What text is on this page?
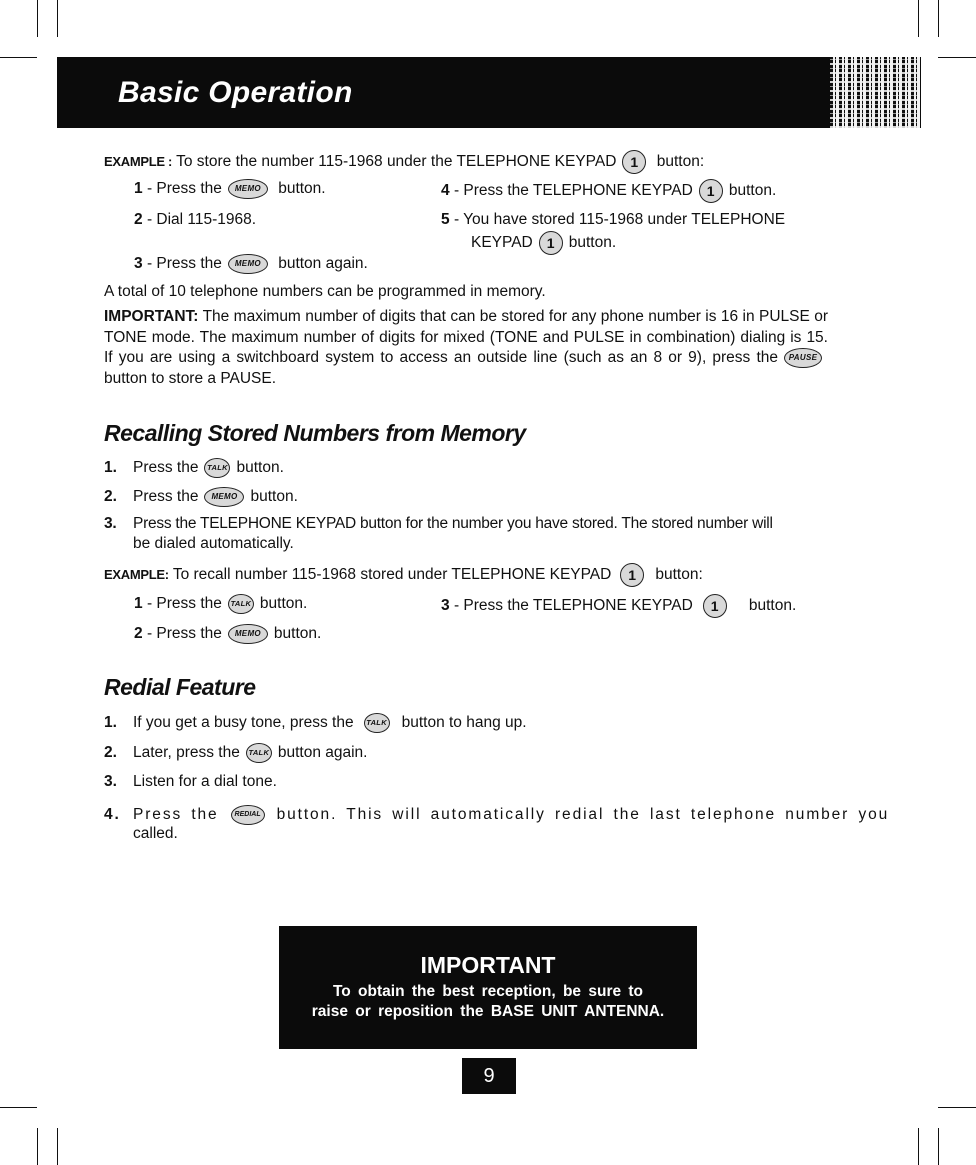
Basic Operation
EXAMPLE : To store the number 115-1968 under the TELEPHONE KEYPAD 1 button:
1 - Press the MEMO button.
2 - Dial 115-1968.
3 - Press the MEMO button again.
4 - Press the TELEPHONE KEYPAD 1 button.
5 - You have stored 115-1968 under TELEPHONE
KEYPAD 1 button.
A total of 10 telephone numbers can be programmed in memory.
IMPORTANT: The maximum number of digits that can be stored for any phone number is 16 in PULSE or TONE mode. The maximum number of digits for mixed (TONE and PULSE in combination) dialing is 15. If you are using a switchboard system to access an outside line (such as an 8 or 9), press the PAUSEbutton to store a PAUSE.
Recalling Stored Numbers from Memory
1. Press the TALK button.
2. Press the MEMO button.
3. Press the TELEPHONE KEYPAD button for the number you have stored. The stored number will
be dialed automatically.
EXAMPLE: To recall number 115-1968 stored under TELEPHONE KEYPAD 1 button:
1 - Press the TALK button.
2 - Press the MEMO button.
3 - Press the TELEPHONE KEYPAD 1 button.
Redial Feature
1. If you get a busy tone, press the TALK button to hang up.
2. Later, press the TALK button again.
3. Listen for a dial tone.
4. Press the REDIAL button. This will automatically redial the last telephone number you
called.
IMPORTANT
To obtain the best reception, be sure to
raise or reposition the BASE UNIT ANTENNA.
9
